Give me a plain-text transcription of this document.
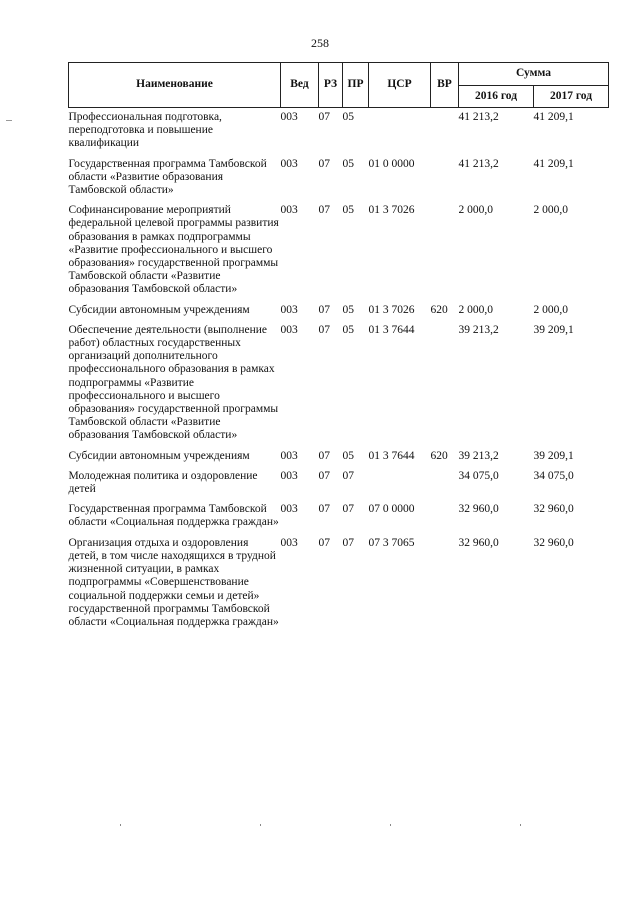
258
Наименование	Вед	РЗ	ПР	ЦСР	ВР	Сумма	
						2016 год	2017 год
Профессиональная подготовка, переподготовка и повышение квалификации	003	07	05			41 213,2	41 209,1
Государственная программа Тамбовской области «Развитие образования Тамбовской области»	003	07	05	01 0 0000		41 213,2	41 209,1
Софинансирование мероприятий федеральной целевой программы развития образования в рамках подпрограммы «Развитие профессионального и высшего образования» государственной программы Тамбовской области «Развитие образования Тамбовской области»	003	07	05	01 3 7026		2 000,0	2 000,0
Субсидии автономным учреждениям	003	07	05	01 3 7026	620	2 000,0	2 000,0
Обеспечение деятельности (выполнение работ) областных государственных организаций дополнительного профессионального образования в рамках подпрограммы «Развитие профессионального и высшего образования» государственной программы Тамбовской области «Развитие образования Тамбовской области»	003	07	05	01 3 7644		39 213,2	39 209,1
Субсидии автономным учреждениям	003	07	05	01 3 7644	620	39 213,2	39 209,1
Молодежная политика и оздоровление детей	003	07	07			34 075,0	34 075,0
Государственная программа Тамбовской области «Социальная поддержка граждан»	003	07	07	07 0 0000		32 960,0	32 960,0
Организация отдыха и оздоровления детей, в том числе находящихся в трудной жизненной ситуации, в рамках подпрограммы «Совершенствование социальной поддержки семьи и детей» государственной программы Тамбовской области «Социальная поддержка граждан»	003	07	07	07 3 7065		32 960,0	32 960,0
